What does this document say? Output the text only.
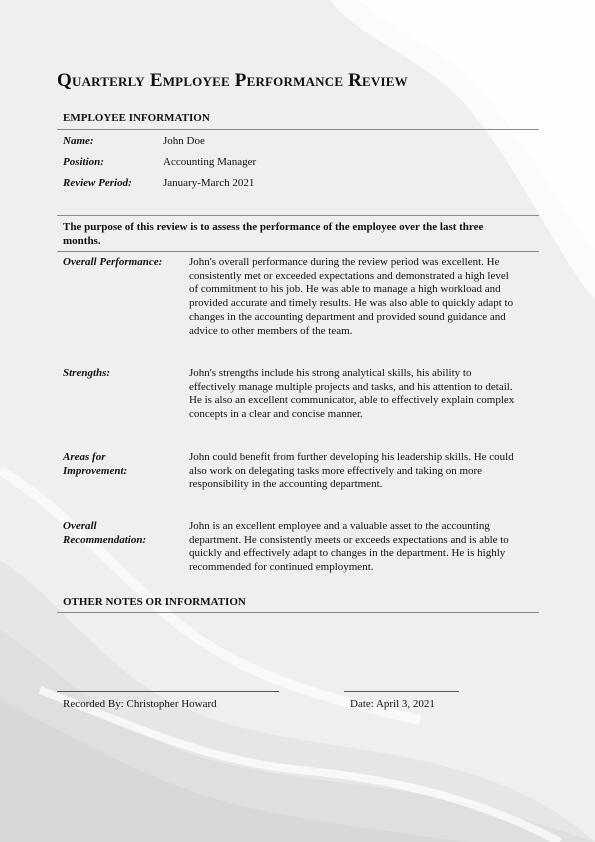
Quarterly Employee Performance Review
EMPLOYEE INFORMATION
Name:	John Doe
Position:	Accounting Manager
Review Period:	January-March 2021
The purpose of this review is to assess the performance of the employee over the last three months.
Overall Performance: John's overall performance during the review period was excellent. He consistently met or exceeded expectations and demonstrated a high level of commitment to his job. He was able to manage a high workload and provided accurate and timely results. He was also able to quickly adapt to changes in the accounting department and provided sound guidance and advice to other members of the team.
Strengths:	John's strengths include his strong analytical skills, his ability to effectively manage multiple projects and tasks, and his attention to detail. He is also an excellent communicator, able to effectively explain complex concepts in a clear and concise manner.
Areas for Improvement:
John could benefit from further developing his leadership skills. He could also work on delegating tasks more effectively and taking on more responsibility in the accounting department.
Overall Recommendation:
John is an excellent employee and a valuable asset to the accounting department. He consistently meets or exceeds expectations and is able to quickly and effectively adapt to changes in the department. He is highly recommended for continued employment.
OTHER NOTES OR INFORMATION
Recorded By: Christopher Howard	Date: April 3, 2021
